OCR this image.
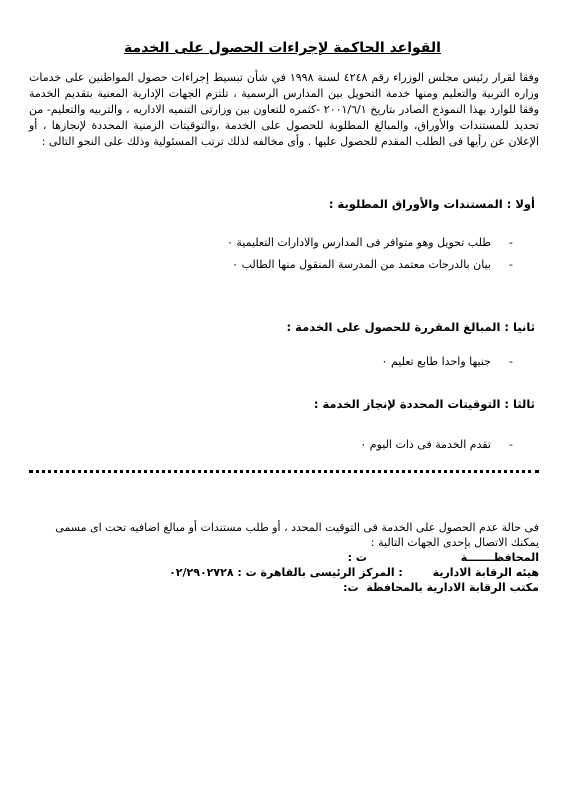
القواعد الحاكمة لإجراءات الحصول على الخدمة

وفقا لقرار رئيس مجلس الوزراء رقم ٤٢٤٨ لسنة ١٩٩٨ في شأن تبسيط إجراءات حصول المواطنين على خدمات وزاره التربية والتعليم ومنها خدمة التحويل بين المدارس الرسمية ، تلتزم الجهات الإدارية المعنية بتقديم الخدمة وفقا للوارد بهذا النموذج الصادر بتاريخ ٢٠٠١/٦/١ -كثمره للتعاون بين وزارتى التنميه الاداريه ، والتربيه والتعليم- من تحديد للمستندات والأوراق، والمبالغ المطلوبة للحصول على الخدمة ،والتوقيتات الزمنية المحددة لإنجازها ، أو الإعلان عن رأيها فى الطلب المقدم للحصول عليها . وأى مخالفه لذلك ترتب المسئولية وذلك على النحو التالى :

أولا : المستندات والأوراق المطلوبة :
- طلب تحويل وهو متوافر فى المدارس والادارات التعليمية ٠
- بيان بالدرجات معتمد من المدرسة المنقول منها الطالب ٠
ثانيا : المبالغ المقررة للحصول على الخدمة :
- جنيها واحدا طابع تعليم ٠
ثالثا : التوقيتات المحددة لإنجاز الخدمة :
- تقدم الخدمة فى ذات اليوم ٠

فى حالة عدم الحصول على الخدمة فى التوقيت المحدد ، أو طلب مستندات أو مبالغ اضافيه تحت اى مسمى يمكنك الاتصال بإحدى الجهات التالية :

المحافظـــــــة ت :
هيئه الرقابة الادارية : المركز الرئيسى بالقاهرة ت : ٠٢/٢٩٠٢٧٢٨
مكتب الرقابة الادارية بالمحافظة ت:
